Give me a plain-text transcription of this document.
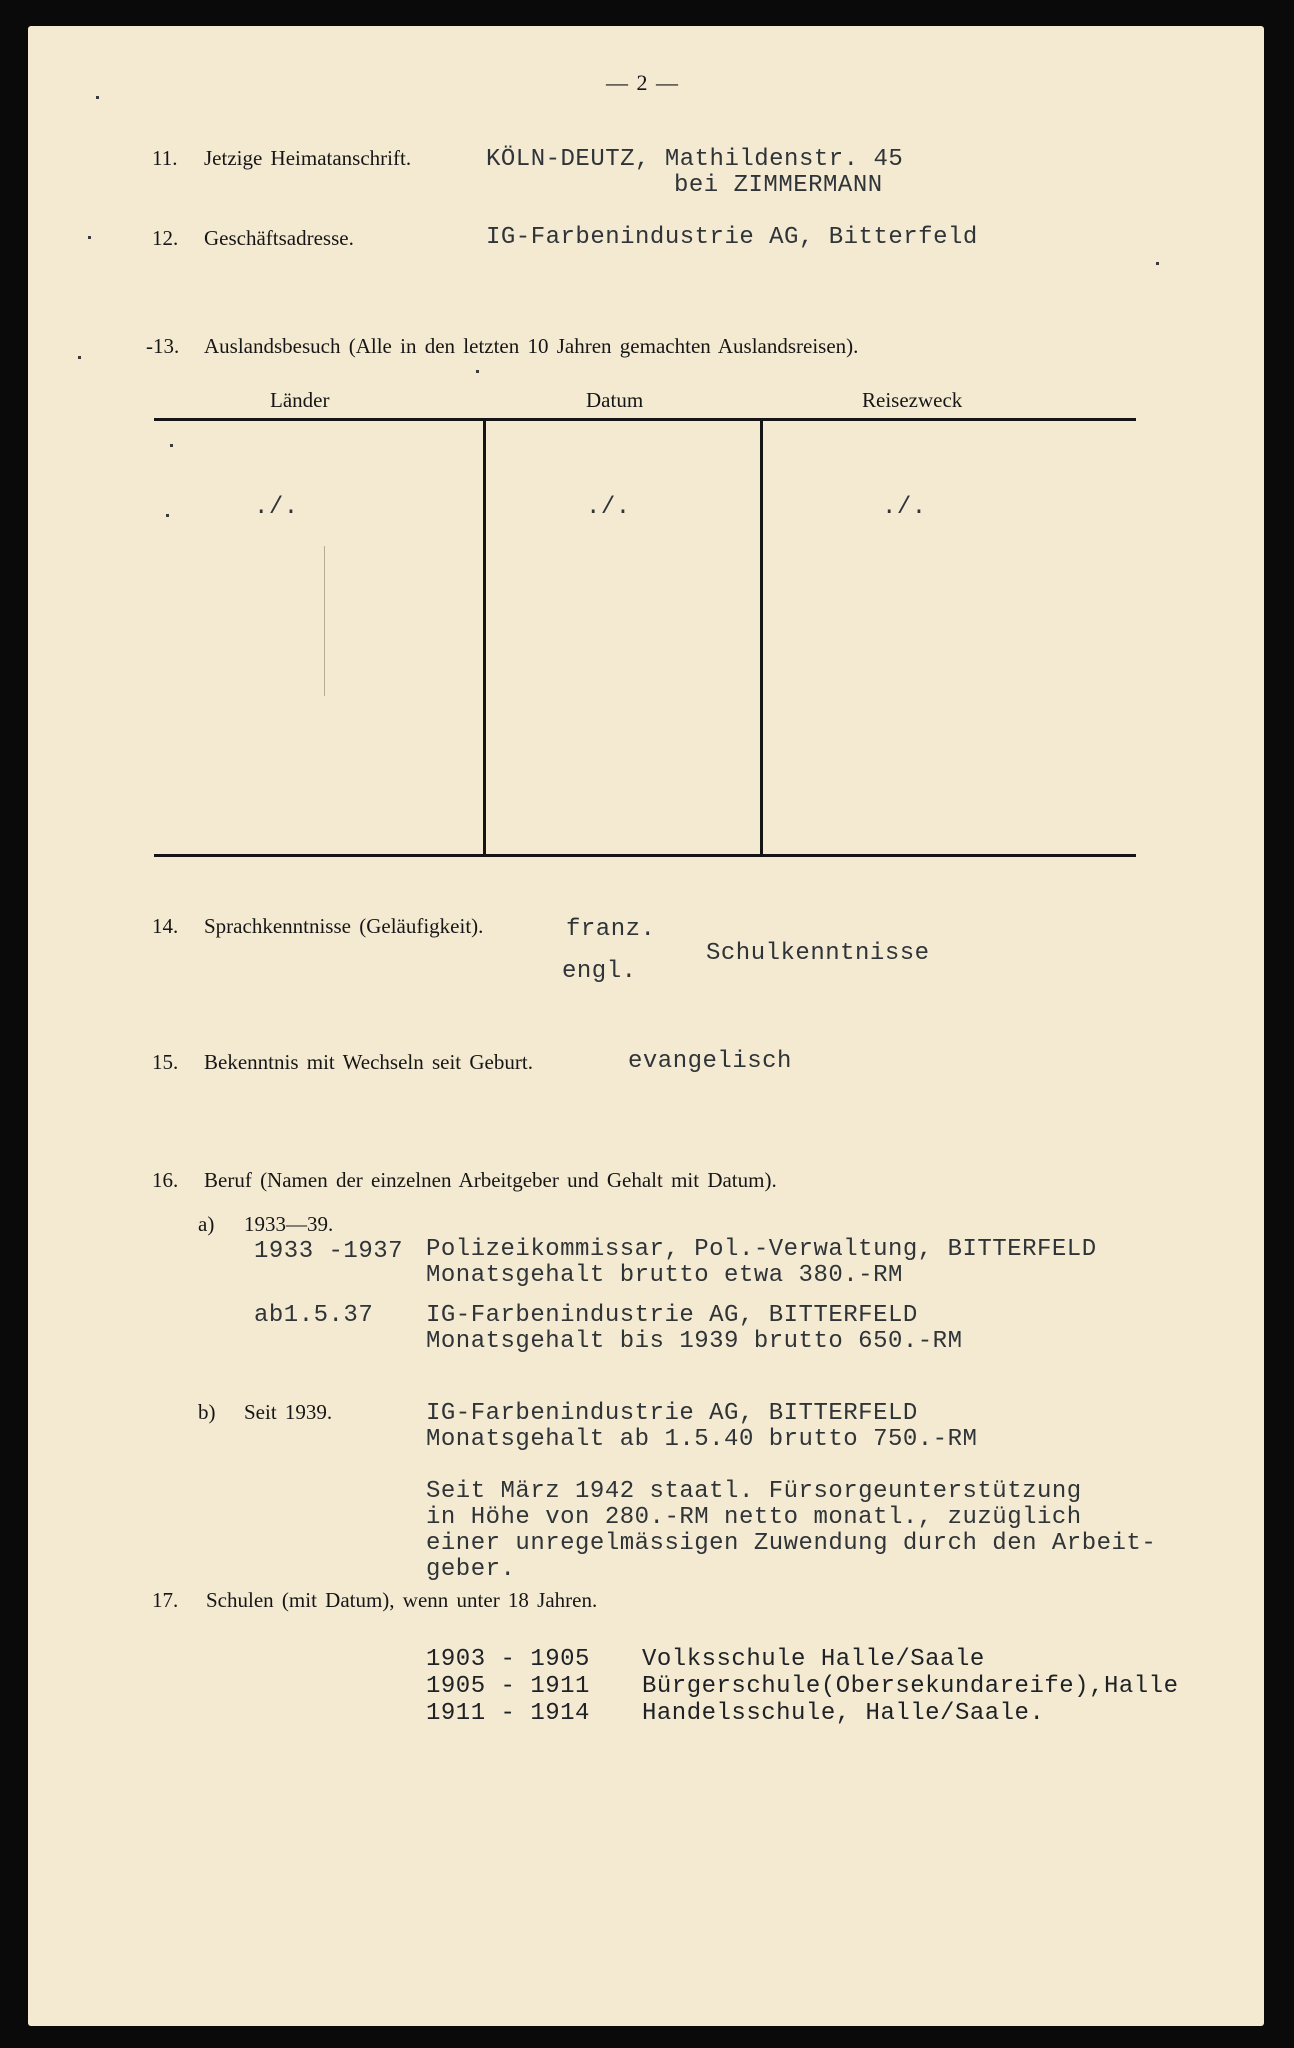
— 2 —
11. Jetzige Heimatanschrift.	KÖLN-DEUTZ, Mathildenstr. 45
bei ZIMMERMANN
12. Geschäftsadresse.	IG-Farbenindustrie AG, Bitterfeld
-13. Auslandsbesuch (Alle in den letzten 10 Jahren gemachten Auslandsreisen).
Länder	Datum	Reisezweck
./.	./.	./.
14. Sprachkenntnisse (Geläufigkeit).	franz.
engl.
Schulkenntnisse
15. Bekenntnis mit Wechseln seit Geburt.	evangelisch
16. Beruf (Namen der einzelnen Arbeitgeber und Gehalt mit Datum).
a) 1933—39.
1933 -1937 Polizeikommissar, Pol.-Verwaltung, BITTERFELD
Monatsgehalt brutto etwa 380.-RM
ab1.5.37 IG-Farbenindustrie AG, BITTERFELD
Monatsgehalt bis 1939 brutto 650.-RM
b) Seit 1939.	IG-Farbenindustrie AG, BITTERFELD
Monatsgehalt ab 1.5.40 brutto 750.-RM
Seit März 1942 staatl. Fürsorgeunterstützung
in Höhe von 280.-RM netto monatl., zuzüglich
einer unregelmässigen Zuwendung durch den Arbeit-
geber.
17. Schulen (mit Datum), wenn unter 18 Jahren.
1903 - 1905 Volksschule Halle/Saale
1905 - 1911 Bürgerschule(Obersekundareife),Halle
1911 - 1914 Handelsschule, Halle/Saale.
